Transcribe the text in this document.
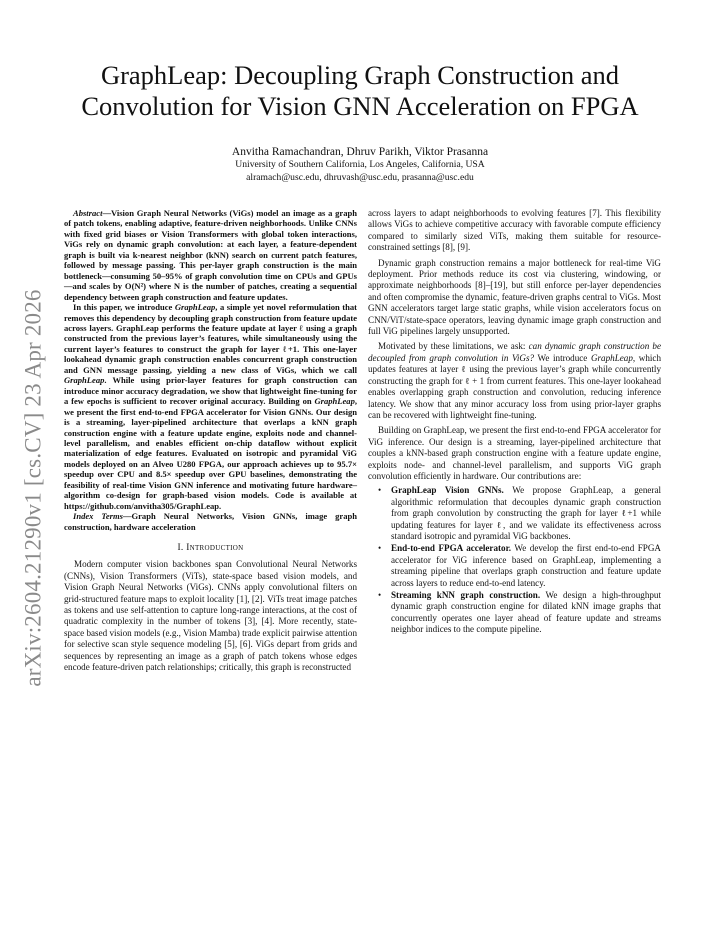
arXiv:2604.21290v1 [cs.CV] 23 Apr 2026
GraphLeap: Decoupling Graph Construction and
Convolution for Vision GNN Acceleration on FPGA
Anvitha Ramachandran, Dhruv Parikh, Viktor Prasanna
University of Southern California, Los Angeles, California, USA
alramach@usc.edu, dhruvash@usc.edu, prasanna@usc.edu

Abstract—Vision Graph Neural Networks (ViGs) model an image as a graph of patch tokens, enabling adaptive, feature-driven neighborhoods. Unlike CNNs with fixed grid biases or Vision Transformers with global token interactions, ViGs rely on dynamic graph convolution: at each layer, a feature-dependent graph is built via k-nearest neighbor (kNN) search on current patch features, followed by message passing. This per-layer graph construction is the main bottleneck—consuming 50–95% of graph convolution time on CPUs and GPUs—and scales by O(N²) where N is the number of patches, creating a sequential dependency between graph construction and feature updates.

In this paper, we introduce GraphLeap, a simple yet novel reformulation that removes this dependency by decoupling graph construction from feature update across layers. GraphLeap performs the feature update at layer ℓ using a graph constructed from the previous layer’s features, while simultaneously using the current layer’s features to construct the graph for layer ℓ+1. This one-layer lookahead dynamic graph construction enables concurrent graph construction and GNN message passing, yielding a new class of ViGs, which we call GraphLeap. While using prior-layer features for graph construction can introduce minor accuracy degradation, we show that lightweight fine-tuning for a few epochs is sufficient to recover original accuracy. Building on GraphLeap, we present the first end-to-end FPGA accelerator for Vision GNNs. Our design is a streaming, layer-pipelined architecture that overlaps a kNN graph construction engine with a feature update engine, exploits node and channel-level parallelism, and enables efficient on-chip dataflow without explicit materialization of edge features. Evaluated on isotropic and pyramidal ViG models deployed on an Alveo U280 FPGA, our approach achieves up to 95.7× speedup over CPU and 8.5× speedup over GPU baselines, demonstrating the feasibility of real-time Vision GNN inference and motivating future hardware–algorithm co-design for graph-based vision models. Code is available at https://github.com/anvitha305/GraphLeap.

Index Terms—Graph Neural Networks, Vision GNNs, image graph construction, hardware acceleration

I. Introduction

Modern computer vision backbones span Convolutional Neural Networks (CNNs), Vision Transformers (ViTs), state-space based vision models, and Vision Graph Neural Networks (ViGs). CNNs apply convolutional filters on grid-structured feature maps to exploit locality [1], [2]. ViTs treat image patches as tokens and use self-attention to capture long-range interactions, at the cost of quadratic complexity in the number of tokens [3], [4]. More recently, state-space based vision models (e.g., Vision Mamba) trade explicit pairwise attention for selective scan style sequence modeling [5], [6]. ViGs depart from grids and sequences by representing an image as a graph of patch tokens whose edges encode feature-driven patch relationships; critically, this graph is reconstructed

across layers to adapt neighborhoods to evolving features [7]. This flexibility allows ViGs to achieve competitive accuracy with favorable compute efficiency compared to similarly sized ViTs, making them suitable for resource-constrained settings [8], [9].

Dynamic graph construction remains a major bottleneck for real-time ViG deployment. Prior methods reduce its cost via clustering, windowing, or approximate neighborhoods [8]–[19], but still enforce per-layer dependencies and often compromise the dynamic, feature-driven graphs central to ViGs. Most GNN accelerators target large static graphs, while vision accelerators focus on CNN/ViT/state-space operators, leaving dynamic image graph construction and full ViG pipelines largely unsupported.

Motivated by these limitations, we ask: can dynamic graph construction be decoupled from graph convolution in ViGs? We introduce GraphLeap, which updates features at layer ℓ using the previous layer’s graph while concurrently constructing the graph for ℓ + 1 from current features. This one-layer lookahead enables overlapping graph construction and convolution, reducing inference latency. We show that any minor accuracy loss from using prior-layer graphs can be recovered with lightweight fine-tuning.

Building on GraphLeap, we present the first end-to-end FPGA accelerator for ViG inference. Our design is a streaming, layer-pipelined architecture that couples a kNN-based graph construction engine with a feature update engine, exploits node- and channel-level parallelism, and supports ViG graph convolution efficiently in hardware. Our contributions are:

• GraphLeap Vision GNNs. We propose GraphLeap, a general algorithmic reformulation that decouples dynamic graph construction from graph convolution by constructing the graph for layer ℓ+1 while updating features for layer ℓ, and we validate its effectiveness across standard isotropic and pyramidal ViG backbones.
• End-to-end FPGA accelerator. We develop the first end-to-end FPGA accelerator for ViG inference based on GraphLeap, implementing a streaming pipeline that overlaps graph construction and feature update across layers to reduce end-to-end latency.
• Streaming kNN graph construction. We design a high-throughput dynamic graph construction engine for dilated kNN image graphs that concurrently operates one layer ahead of feature update and streams neighbor indices to the compute pipeline.
